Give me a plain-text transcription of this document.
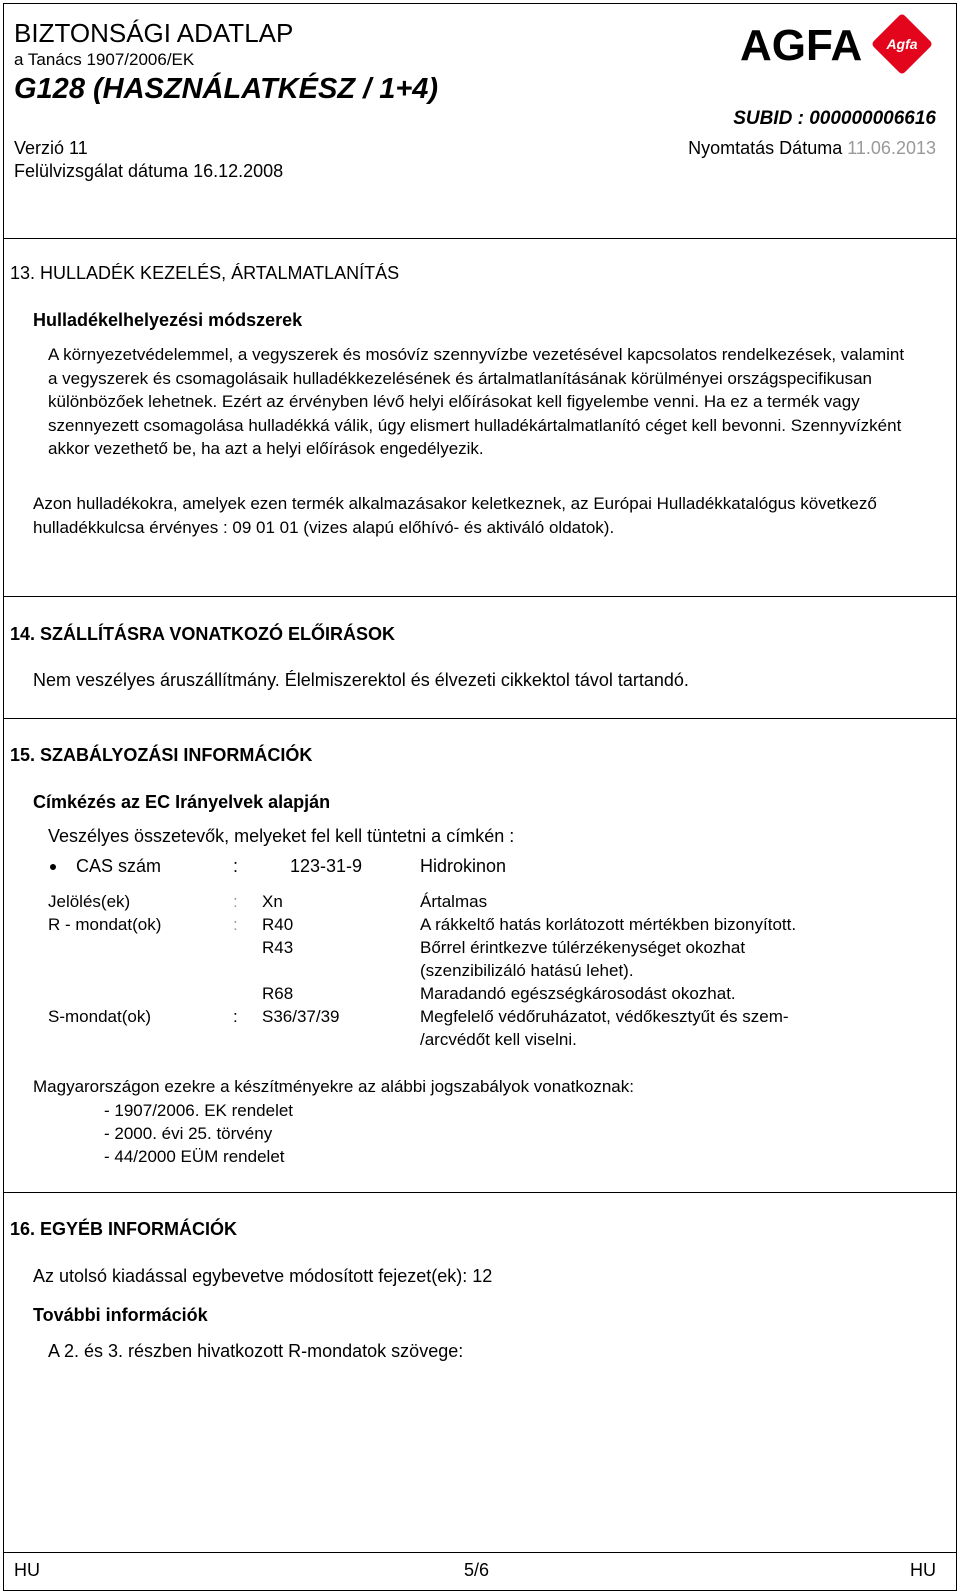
BIZTONSÁGI ADATLAP
a Tanács 1907/2006/EK
G128 (HASZNÁLATKÉSZ / 1+4)
AGFA Agfa
SUBID : 000000006616
Verzió 11	Nyomtatás Dátuma 11.06.2013
Felülvizsgálat dátuma 16.12.2008
13. HULLADÉK KEZELÉS, ÁRTALMATLANÍTÁS
Hulladékelhelyezési módszerek
A környezetvédelemmel, a vegyszerek és mosóvíz szennyvízbe vezetésével kapcsolatos rendelkezések, valamint a vegyszerek és csomagolásaik hulladékkezelésének és ártalmatlanításának körülményei országspecifikusan különbözőek lehetnek. Ezért az érvényben lévő helyi előírásokat kell figyelembe venni. Ha ez a termék vagy szennyezett csomagolása hulladékká válik, úgy elismert hulladékártalmatlanító céget kell bevonni. Szennyvízként akkor vezethető be, ha azt a helyi előírások engedélyezik.
Azon hulladékokra, amelyek ezen termék alkalmazásakor keletkeznek, az Európai Hulladékkatalógus következő hulladékkulcsa érvényes : 09 01 01 (vizes alapú előhívó- és aktiváló oldatok).
14. SZÁLLÍTÁSRA VONATKOZÓ ELŐIRÁSOK
Nem veszélyes áruszállítmány. Élelmiszerektol és élvezeti cikkektol távol tartandó.
15. SZABÁLYOZÁSI INFORMÁCIÓK
Címkézés az EC Irányelvek alapján
Veszélyes összetevők, melyeket fel kell tüntetni a címkén :
CAS szám	:	123-31-9	Hidrokinon
Jelölés(ek)	: Xn	Ártalmas
R - mondat(ok)	: R40	A rákkeltő hatás korlátozott mértékben bizonyított.
R43	Bőrrel érintkezve túlérzékenységet okozhat
(szenzibilizáló hatású lehet).
R68	Maradandó egészségkárosodást okozhat.
S-mondat(ok)	: S36/37/39	Megfelelő védőruházatot, védőkesztyűt és szem-
/arcvédőt kell viselni.
Magyarországon ezekre a készítményekre az alábbi jogszabályok vonatkoznak:
- 1907/2006. EK rendelet
- 2000. évi 25. törvény
- 44/2000 EÜM rendelet
16. EGYÉB INFORMÁCIÓK
Az utolsó kiadással egybevetve módosított fejezet(ek): 12
További információk
A 2. és 3. részben hivatkozott R-mondatok szövege:
HU	5/6	HU
